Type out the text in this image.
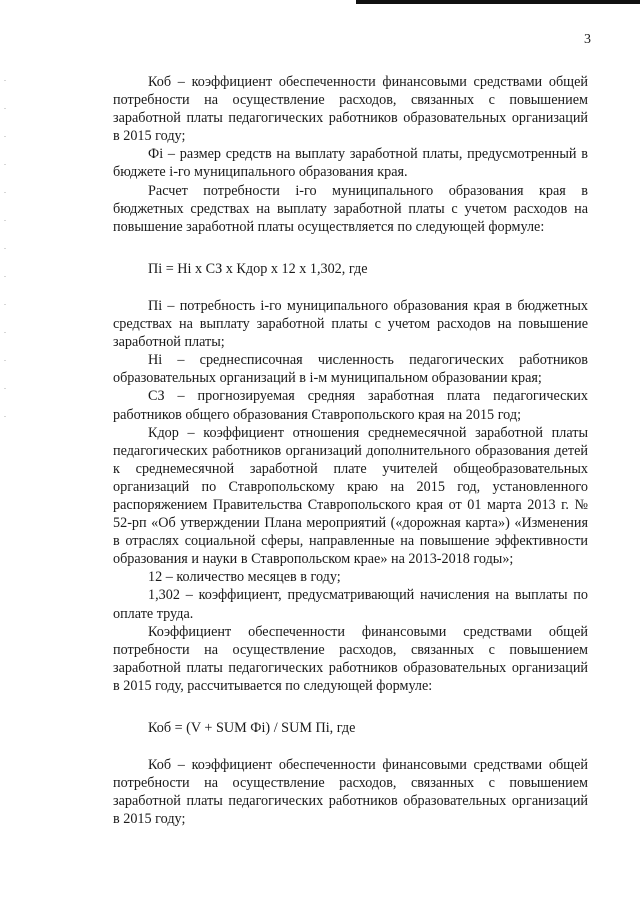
3

Коб – коэффициент обеспеченности финансовыми средствами общей потребности на осуществление расходов, связанных с повышением заработной платы педагогических работников образовательных организаций в 2015 году;

Фi – размер средств на выплату заработной платы, предусмотренный в бюджете i-го муниципального образования края.

Расчет потребности i-го муниципального образования края в бюджетных средствах на выплату заработной платы с учетом расходов на повышение заработной платы осуществляется по следующей формуле:

Пi = Нi х СЗ х Кдор х 12 х 1,302, где

Пi – потребность i-го муниципального образования края в бюджетных средствах на выплату заработной платы с учетом расходов на повышение заработной платы;

Нi – среднесписочная численность педагогических работников образовательных организаций в i-м муниципальном образовании края;

СЗ – прогнозируемая средняя заработная плата педагогических работников общего образования Ставропольского края на 2015 год;

Кдор – коэффициент отношения среднемесячной заработной платы педагогических работников организаций дополнительного образования детей к среднемесячной заработной плате учителей общеобразовательных организаций по Ставропольскому краю на 2015 год, установленного распоряжением Правительства Ставропольского края от 01 марта 2013 г. № 52-рп «Об утверждении Плана мероприятий («дорожная карта») «Изменения в отраслях социальной сферы, направленные на повышение эффективности образования и науки в Ставропольском крае» на 2013-2018 годы»;

12 – количество месяцев в году;

1,302 – коэффициент, предусматривающий начисления на выплаты по оплате труда.

Коэффициент обеспеченности финансовыми средствами общей потребности на осуществление расходов, связанных с повышением заработной платы педагогических работников образовательных организаций в 2015 году, рассчитывается по следующей формуле:

Коб = (V + SUM Фi) / SUM Пi, где

Коб – коэффициент обеспеченности финансовыми средствами общей потребности на осуществление расходов, связанных с повышением заработной платы педагогических работников образовательных организаций в 2015 году;
